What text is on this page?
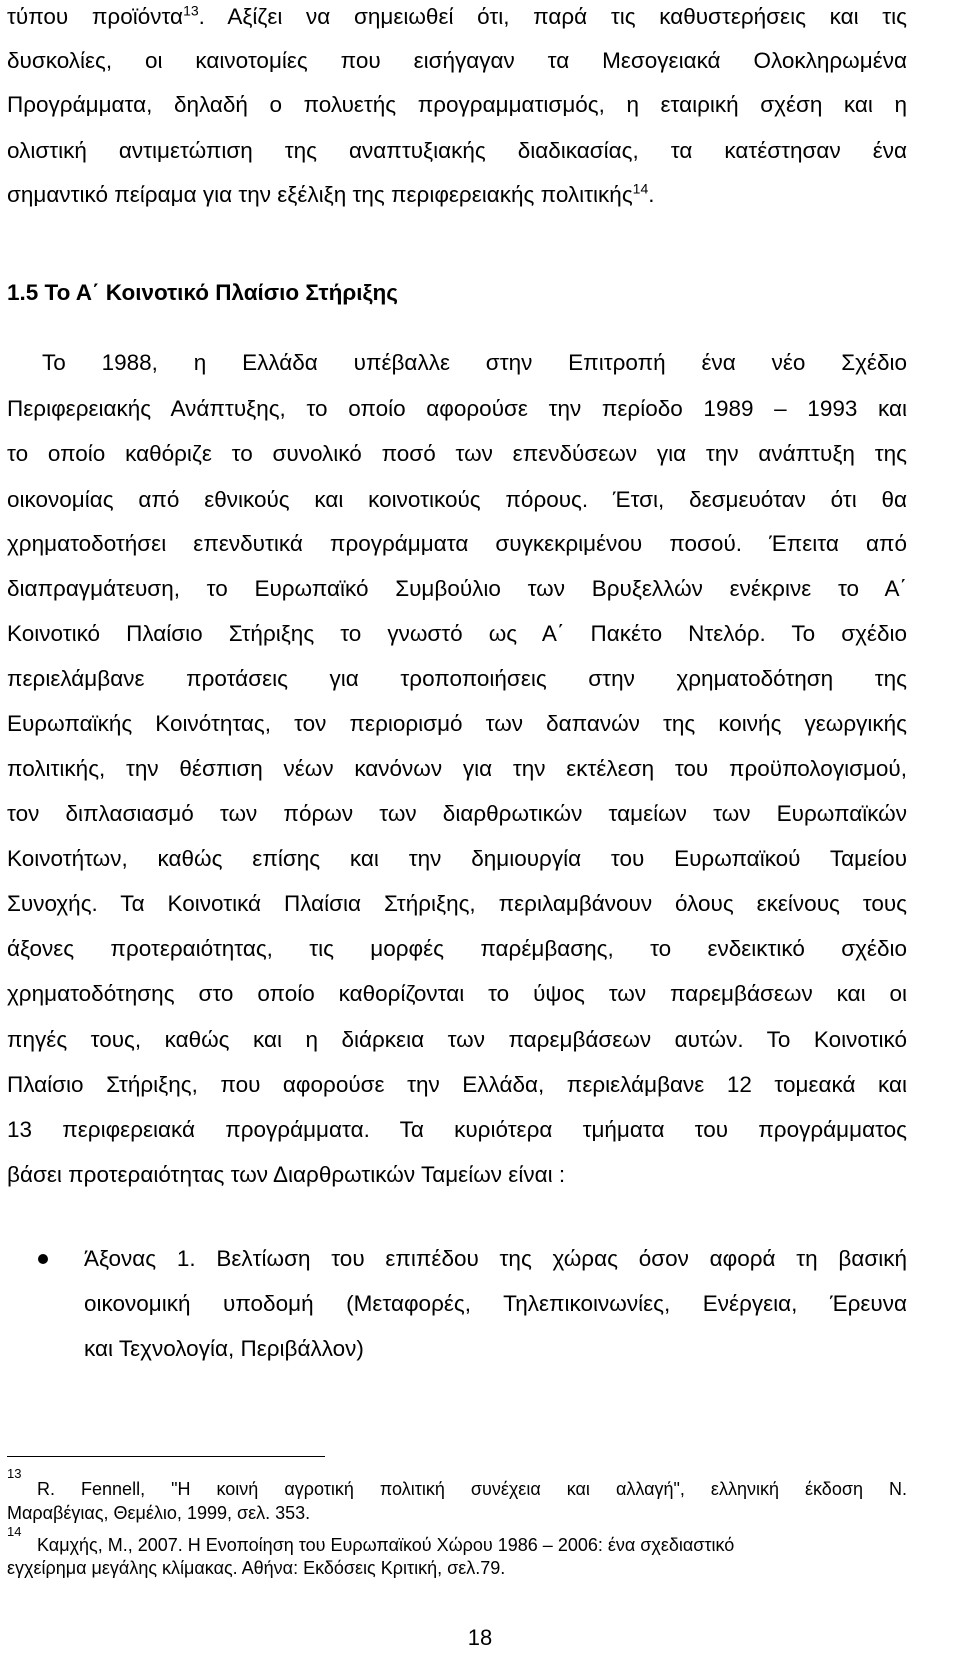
τύπου προϊόντα$^{13}$. Αξίζει να σημειωθεί ότι, παρά τις καθυστερήσεις και τις
δυσκολίες, οι καινοτομίες που εισήγαγαν τα Μεσογειακά Ολοκληρωμένα
Προγράμματα, δηλαδή ο πολυετής προγραμματισμός, η εταιρική σχέση και η
ολιστική αντιμετώπιση της αναπτυξιακής διαδικασίας, τα κατέστησαν ένα
σημαντικό πείραμα για την εξέλιξη της περιφερειακής πολιτικής$^{14}$.
1.5 Το Α΄ Κοινοτικό Πλαίσιο Στήριξης
Το 1988, η Ελλάδα υπέβαλλε στην Επιτροπή ένα νέο Σχέδιο
Περιφερειακής Ανάπτυξης, το οποίο αφορούσε την περίοδο 1989 – 1993 και
το οποίο καθόριζε το συνολικό ποσό των επενδύσεων για την ανάπτυξη της
οικονομίας από εθνικούς και κοινοτικούς πόρους. Έτσι, δεσμευόταν ότι θα
χρηματοδοτήσει επενδυτικά προγράμματα συγκεκριμένου ποσού. Έπειτα από
διαπραγμάτευση, το Ευρωπαϊκό Συμβούλιο των Βρυξελλών ενέκρινε το Α΄
Κοινοτικό Πλαίσιο Στήριξης το γνωστό ως Α΄ Πακέτο Ντελόρ. Το σχέδιο
περιελάμβανε προτάσεις για τροποποιήσεις στην χρηματοδότηση της
Ευρωπαϊκής Κοινότητας, τον περιορισμό των δαπανών της κοινής γεωργικής
πολιτικής, την θέσπιση νέων κανόνων για την εκτέλεση του προϋπολογισμού,
τον διπλασιασμό των πόρων των διαρθρωτικών ταμείων των Ευρωπαϊκών
Κοινοτήτων, καθώς επίσης και την δημιουργία του Ευρωπαϊκού Ταμείου
Συνοχής. Τα Κοινοτικά Πλαίσια Στήριξης, περιλαμβάνουν όλους εκείνους τους
άξονες προτεραιότητας, τις μορφές παρέμβασης, το ενδεικτικό σχέδιο
χρηματοδότησης στο οποίο καθορίζονται το ύψος των παρεμβάσεων και οι
πηγές τους, καθώς και η διάρκεια των παρεμβάσεων αυτών. Το Κοινοτικό
Πλαίσιο Στήριξης, που αφορούσε την Ελλάδα, περιελάμβανε 12 τομεακά και
13 περιφερειακά προγράμματα. Τα κυριότερα τμήματα του προγράμματος
βάσει προτεραιότητας των Διαρθρωτικών Ταμείων είναι :
Άξονας 1. Βελτίωση του επιπέδου της χώρας όσον αφορά τη βασική
οικονομική υποδομή (Μεταφορές, Τηλεπικοινωνίες, Ενέργεια, Έρευνα
και Τεχνολογία, Περιβάλλον)
13
R. Fennell, "Η κοινή αγροτική πολιτική συνέχεια και αλλαγή", ελληνική έκδοση Ν.
Μαραβέγιας, Θεμέλιο, 1999, σελ. 353.
14
Καμχής, Μ., 2007. Η Ενοποίηση του Ευρωπαϊκού Χώρου 1986 – 2006: ένα σχεδιαστικό
εγχείρημα μεγάλης κλίμακας. Αθήνα: Εκδόσεις Κριτική, σελ.79.
18
